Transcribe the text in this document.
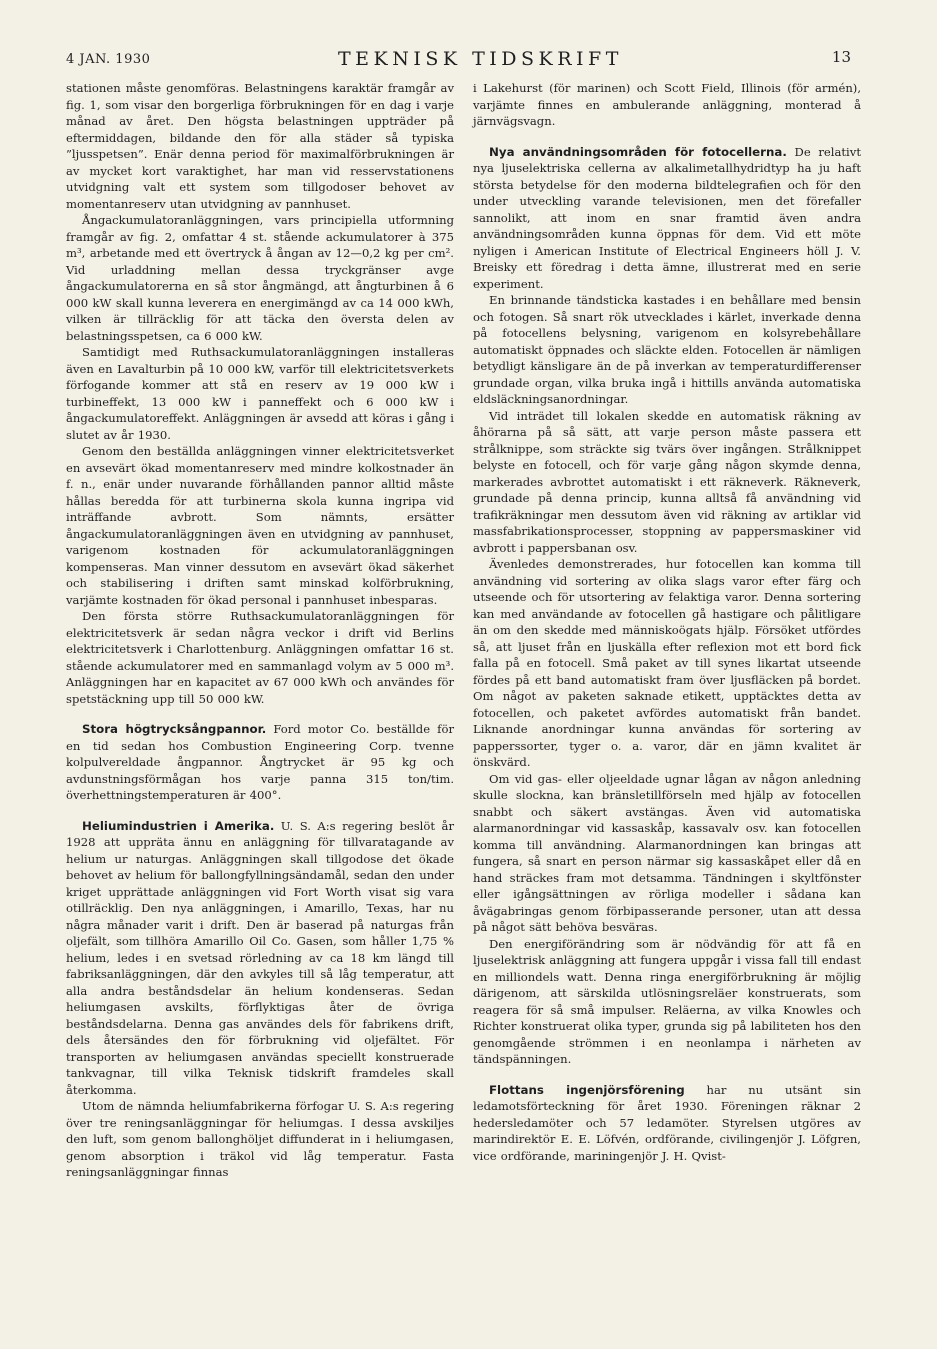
4 JAN. 1930	TEKNISK TIDSKRIFT	13

stationen måste genomföras. Belastningens karaktär framgår av fig. 1, som visar den borgerliga förbrukningen för en dag i varje månad av året. Den högsta belastningen uppträder på eftermiddagen, bildande den för alla städer så typiska ”ljusspetsen”. Enär denna period för maximalförbrukningen är av mycket kort varaktighet, har man vid resservstationens utvidgning valt ett system som tillgodoser behovet av momentanreserv utan utvidgning av pannhuset.

Ångackumulatoranläggningen, vars principiella utformning framgår av fig. 2, omfattar 4 st. stående ackumulatorer à 375 m³, arbetande med ett övertryck å ångan av 12—0,2 kg per cm². Vid urladdning mellan dessa tryckgränser avge ångackumulatorerna en så stor ångmängd, att ångturbinen å 6 000 kW skall kunna leverera en energimängd av ca 14 000 kWh, vilken är tillräcklig för att täcka den översta delen av belastningsspetsen, ca 6 000 kW.

Samtidigt med Ruthsackumulatoranläggningen installeras även en Lavalturbin på 10 000 kW, varför till elektricitetsverkets förfogande kommer att stå en reserv av 19 000 kW i turbineffekt, 13 000 kW i panneffekt och 6 000 kW i ångackumulatoreffekt. Anläggningen är avsedd att köras i gång i slutet av år 1930.

Genom den beställda anläggningen vinner elektricitetsverket en avsevärt ökad momentanreserv med mindre kolkostnader än f. n., enär under nuvarande förhållanden pannor alltid måste hållas beredda för att turbinerna skola kunna ingripa vid inträffande avbrott. Som nämnts, ersätter ångackumulatoranläggningen även en utvidgning av pannhuset, varigenom kostnaden för ackumulatoranläggningen kompenseras. Man vinner dessutom en avsevärt ökad säkerhet och stabilisering i driften samt minskad kolförbrukning, varjämte kostnaden för ökad personal i pannhuset inbesparas.

Den första större Ruthsackumulatoranläggningen för elektricitetsverk är sedan några veckor i drift vid Berlins elektricitetsverk i Charlottenburg. Anläggningen omfattar 16 st. stående ackumulatorer med en sammanlagd volym av 5 000 m³. Anläggningen har en kapacitet av 67 000 kWh och användes för spetstäckning upp till 50 000 kW.

Stora högtrycksångpannor. Ford motor Co. beställde för en tid sedan hos Combustion Engineering Corp. tvenne kolpulvereldade ångpannor. Ångtrycket är 95 kg och avdunstningsförmågan hos varje panna 315 ton/tim. överhettningstemperaturen är 400°.

Heliumindustrien i Amerika. U. S. A:s regering beslöt år 1928 att uppräta ännu en anläggning för tillvaratagande av helium ur naturgas. Anläggningen skall tillgodose det ökade behovet av helium för ballongfyllningsändamål, sedan den under kriget upprättade anläggningen vid Fort Worth visat sig vara otillräcklig. Den nya anläggningen, i Amarillo, Texas, har nu några månader varit i drift. Den är baserad på naturgas från oljefält, som tillhöra Amarillo Oil Co. Gasen, som håller 1,75 % helium, ledes i en svetsad rörledning av ca 18 km längd till fabriksanläggningen, där den avkyles till så låg temperatur, att alla andra beståndsdelar än helium kondenseras. Sedan heliumgasen avskilts, förflyktigas åter de övriga beståndsdelarna. Denna gas användes dels för fabrikens drift, dels återsändes den för förbrukning vid oljefältet. För transporten av heliumgasen användas speciellt konstruerade tankvagnar, till vilka Teknisk tidskrift framdeles skall återkomma.

Utom de nämnda heliumfabrikerna förfogar U. S. A:s regering över tre reningsanläggningar för heliumgas. I dessa avskiljes den luft, som genom ballonghöljet diffunderat in i heliumgasen, genom absorption i träkol vid låg temperatur. Fasta reningsanläggningar finnas

i Lakehurst (för marinen) och Scott Field, Illinois (för armén), varjämte finnes en ambulerande anläggning, monterad å järnvägsvagn.

Nya användningsområden för fotocellerna. De relativt nya ljuselektriska cellerna av alkalimetallhydridtyp ha ju haft största betydelse för den moderna bildtelegrafien och för den under utveckling varande televisionen, men det förefaller sannolikt, att inom en snar framtid även andra användningsområden kunna öppnas för dem. Vid ett möte nyligen i American Institute of Electrical Engineers höll J. V. Breisky ett föredrag i detta ämne, illustrerat med en serie experiment.

En brinnande tändsticka kastades i en behållare med bensin och fotogen. Så snart rök utvecklades i kärlet, inverkade denna på fotocellens belysning, varigenom en kolsyrebehållare automatiskt öppnades och släckte elden. Fotocellen är nämligen betydligt känsligare än de på inverkan av temperaturdifferenser grundade organ, vilka bruka ingå i hittills använda automatiska eldsläckningsanordningar.

Vid inträdet till lokalen skedde en automatisk räkning av åhörarna på så sätt, att varje person måste passera ett strålknippe, som sträckte sig tvärs över ingången. Strålknippet belyste en fotocell, och för varje gång någon skymde denna, markerades avbrottet automatiskt i ett räkneverk. Räkneverk, grundade på denna princip, kunna alltså få användning vid trafikräkningar men dessutom även vid räkning av artiklar vid massfabrikationsprocesser, stoppning av pappersmaskiner vid avbrott i pappersbanan osv.

Ävenledes demonstrerades, hur fotocellen kan komma till användning vid sortering av olika slags varor efter färg och utseende och för utsortering av felaktiga varor. Denna sortering kan med användande av fotocellen gå hastigare och pålitligare än om den skedde med människoögats hjälp. Försöket utfördes så, att ljuset från en ljuskälla efter reflexion mot ett bord fick falla på en fotocell. Små paket av till synes likartat utseende fördes på ett band automatiskt fram över ljusfläcken på bordet. Om något av paketen saknade etikett, upptäcktes detta av fotocellen, och paketet avfördes automatiskt från bandet. Liknande anordningar kunna användas för sortering av papperssorter, tyger o. a. varor, där en jämn kvalitet är önskvärd.

Om vid gas- eller oljeeldade ugnar lågan av någon anledning skulle slockna, kan bränsletillförseln med hjälp av fotocellen snabbt och säkert avstängas. Även vid automatiska alarmanordningar vid kassaskåp, kassavalv osv. kan fotocellen komma till användning. Alarmanordningen kan bringas att fungera, så snart en person närmar sig kassaskåpet eller då en hand sträckes fram mot detsamma. Tändningen i skyltfönster eller igångsättningen av rörliga modeller i sådana kan åvägabringas genom förbipasserande personer, utan att dessa på något sätt behöva besväras.

Den energiförändring som är nödvändig för att få en ljuselektrisk anläggning att fungera uppgår i vissa fall till endast en milliondels watt. Denna ringa energiförbrukning är möjlig därigenom, att särskilda utlösningsreläer konstruerats, som reagera för så små impulser. Reläerna, av vilka Knowles och Richter konstruerat olika typer, grunda sig på labiliteten hos den genomgående strömmen i en neonlampa i närheten av tändspänningen.

Flottans ingenjörsförening har nu utsänt sin ledamotsförteckning för året 1930. Föreningen räknar 2 hedersledamöter och 57 ledamöter. Styrelsen utgöres av marindirektör E. E. Löfvén, ordförande, civilingenjör J. Löfgren, vice ordförande, mariningenjör J. H. Qvist-
